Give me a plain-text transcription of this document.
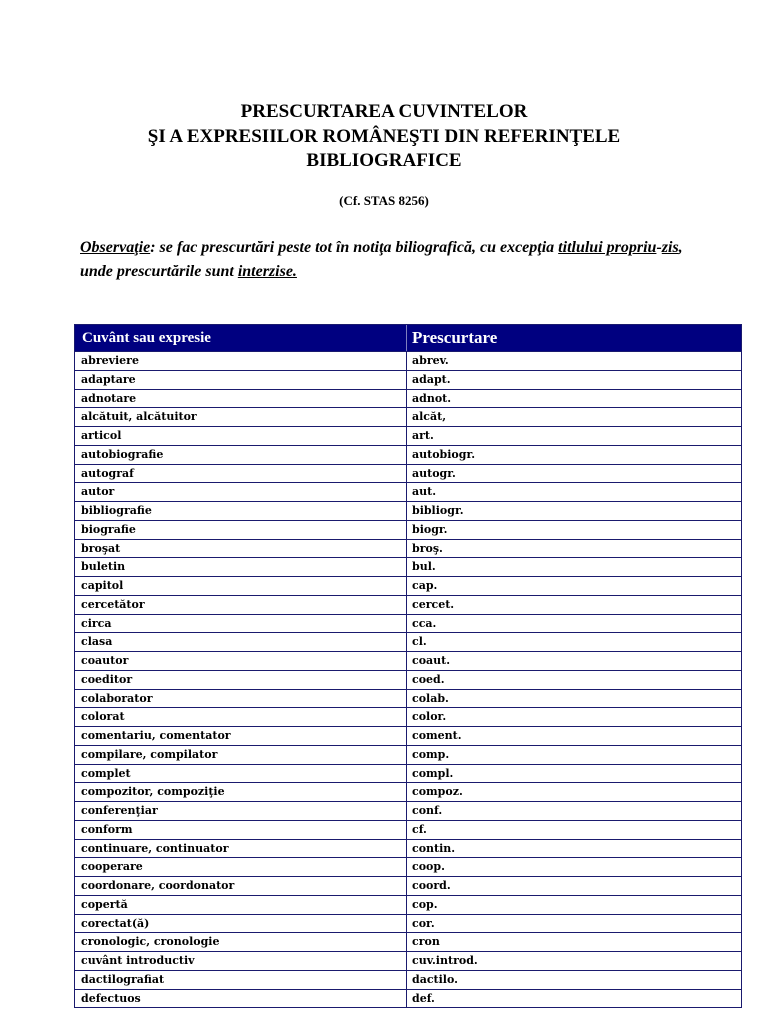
PRESCURTAREA CUVINTELOR
ŞI A EXPRESIILOR ROMÂNEŞTI DIN REFERINŢELE
BIBLIOGRAFICE
(Cf. STAS 8256)
Observaţie: se fac prescurtări peste tot în notiţa biliografică, cu excepţia titlului propriu-zis, unde prescurtările sunt interzise.
Cuvânt sau expresie	Prescurtare
abreviere	abrev.
adaptare	adapt.
adnotare	adnot.
alcătuit, alcătuitor	alcăt,
articol	art.
autobiografie	autobiogr.
autograf	autogr.
autor	aut.
bibliografie	bibliogr.
biografie	biogr.
broşat	broş.
buletin	bul.
capitol	cap.
cercetător	cercet.
circa	cca.
clasa	cl.
coautor	coaut.
coeditor	coed.
colaborator	colab.
colorat	color.
comentariu, comentator	coment.
compilare, compilator	comp.
complet	compl.
compozitor, compoziţie	compoz.
conferenţiar	conf.
conform	cf.
continuare, continuator	contin.
cooperare	coop.
coordonare, coordonator	coord.
copertă	cop.
corectat(ă)	cor.
cronologic, cronologie	cron
cuvânt introductiv	cuv.introd.
dactilografiat	dactilo.
defectuos	def.
